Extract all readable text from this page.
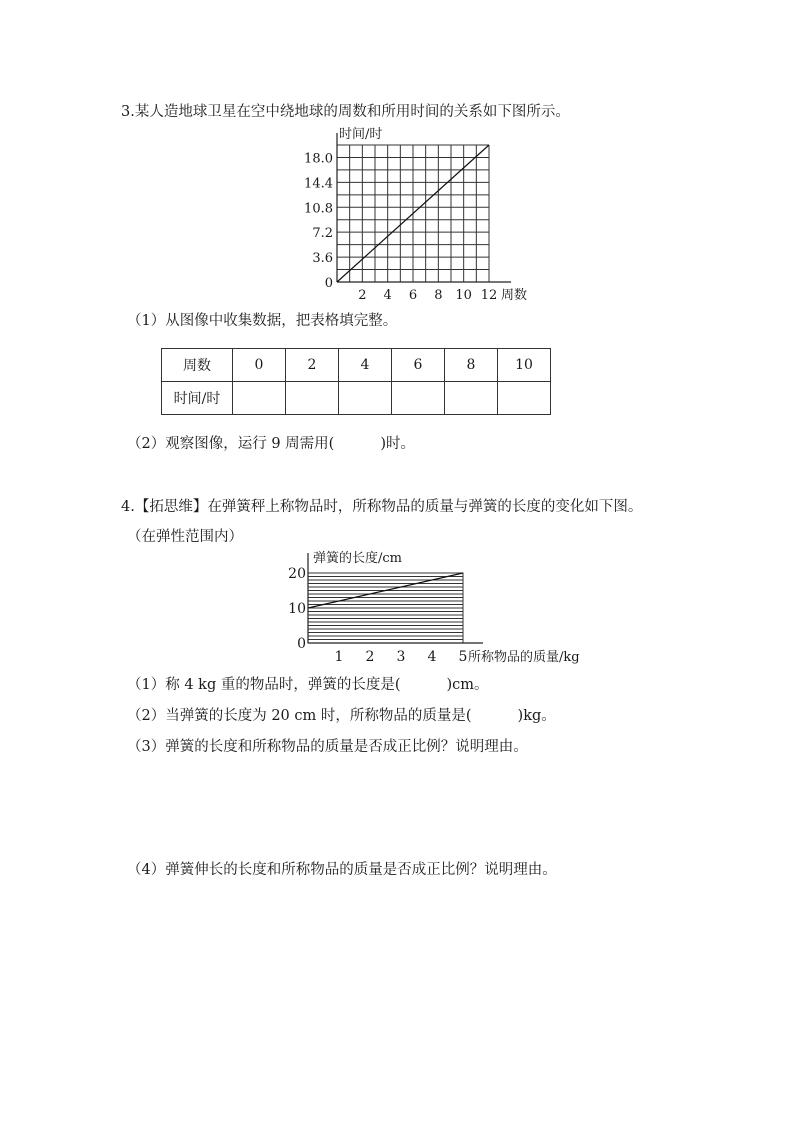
3.某人造地球卫星在空中绕地球的周数和所用时间的关系如下图所示。
2 4 6 8 10 12
0
3.6
7.2
10.8
14.4
18.0
时间/时
周数
（1）从图像中收集数据，把表格填完整。
周数	0	2	4	6	8	10
时间/时						
（2）观察图像，运行 9 周需用(	)时。
4.【拓思维】在弹簧秤上称物品时，所称物品的质量与弹簧的长度的变化如下图。
（在弹性范围内）
1 2 3 4 5
0
10
20
弹簧的长度/cm
所称物品的质量/kg
（1）称 4 kg 重的物品时，弹簧的长度是(	)cm。
（2）当弹簧的长度为 20 cm 时，所称物品的质量是(	)kg。
（3）弹簧的长度和所称物品的质量是否成正比例？说明理由。
（4）弹簧伸长的长度和所称物品的质量是否成正比例？说明理由。
